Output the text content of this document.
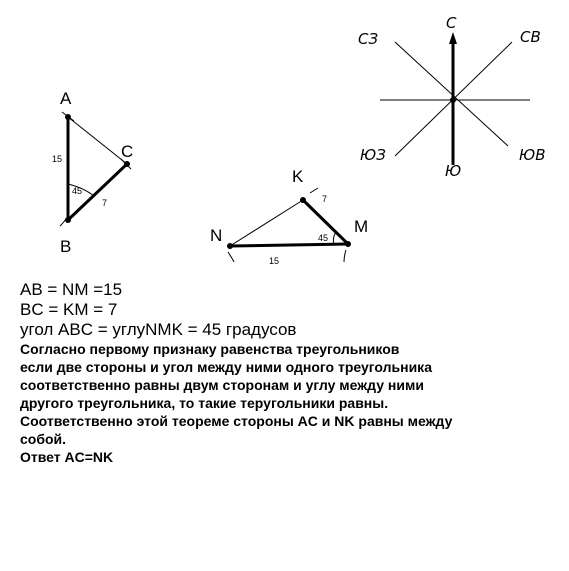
A
B
C
15
45
7
N
K
M
7
45
15
С
СЗ	СВ
ЮЗ
Ю
ЮВ

AB = NM =15

BC = KM = 7

угол ABC = углуNMK = 45 градусов

Согласно первому признаку равенства треугольников

если две стороны и угол между ними одного треугольника

соответственно равны двум сторонам и углу между ними

другого треугольника, то такие теругольники равны.

Соответственно этой теореме стороны AC и NK равны между

собой.

Ответ AC=NK
